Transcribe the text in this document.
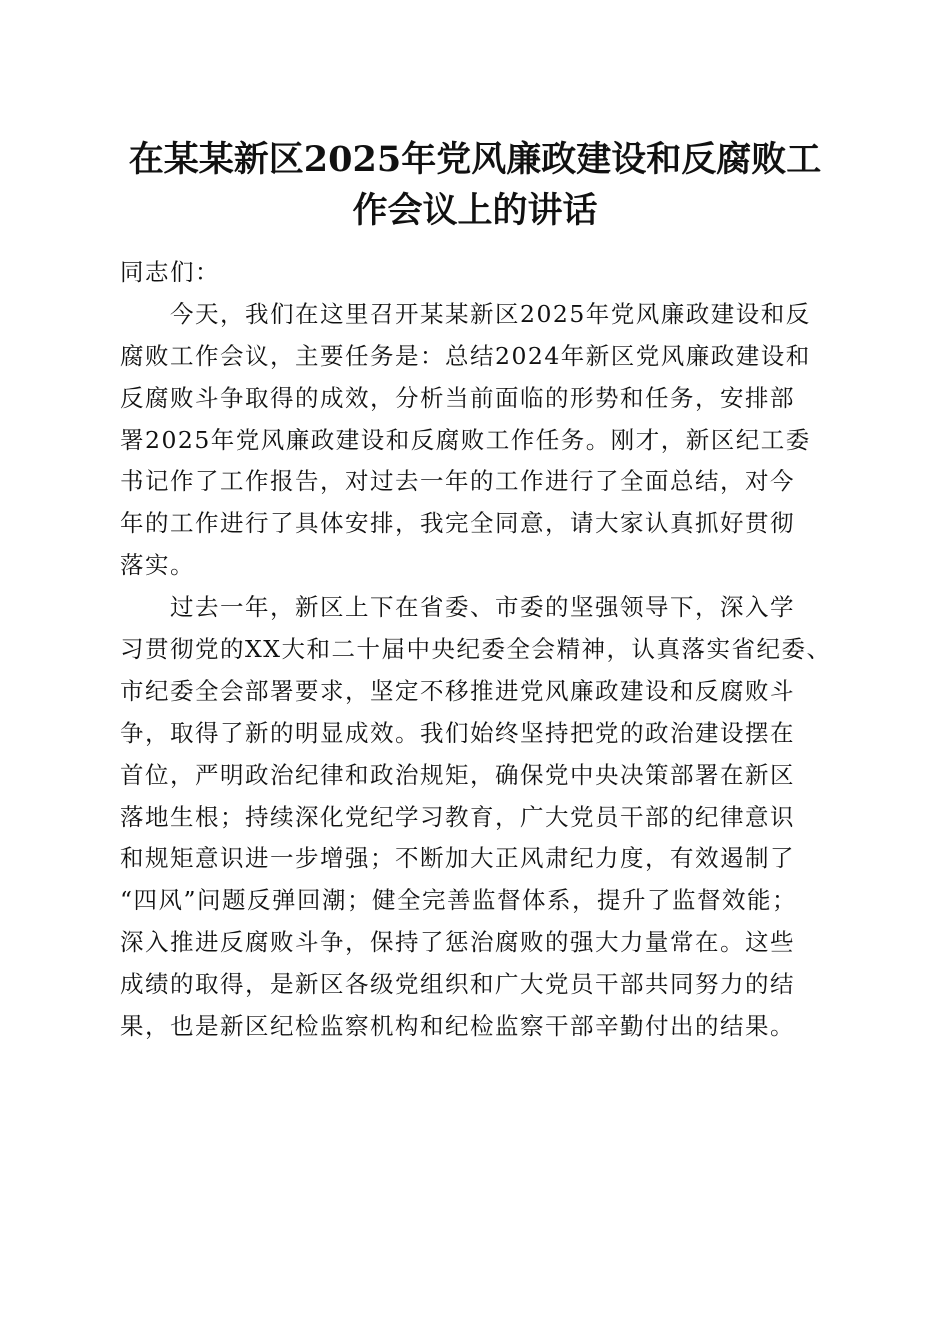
在某某新区2025年党风廉政建设和反腐败工
作会议上的讲话
同志们：
今天，我们在这里召开某某新区2025年党风廉政建设和反
腐败工作会议，主要任务是：总结2024年新区党风廉政建设和
反腐败斗争取得的成效，分析当前面临的形势和任务，安排部
署2025年党风廉政建设和反腐败工作任务。刚才，新区纪工委
书记作了工作报告，对过去一年的工作进行了全面总结，对今
年的工作进行了具体安排，我完全同意，请大家认真抓好贯彻
落实。
过去一年，新区上下在省委、市委的坚强领导下，深入学
习贯彻党的XX大和二十届中央纪委全会精神，认真落实省纪委、
市纪委全会部署要求，坚定不移推进党风廉政建设和反腐败斗
争，取得了新的明显成效。我们始终坚持把党的政治建设摆在
首位，严明政治纪律和政治规矩，确保党中央决策部署在新区
落地生根；持续深化党纪学习教育，广大党员干部的纪律意识
和规矩意识进一步增强；不断加大正风肃纪力度，有效遏制了
“四风”问题反弹回潮；健全完善监督体系，提升了监督效能；
深入推进反腐败斗争，保持了惩治腐败的强大力量常在。这些
成绩的取得，是新区各级党组织和广大党员干部共同努力的结
果，也是新区纪检监察机构和纪检监察干部辛勤付出的结果。
